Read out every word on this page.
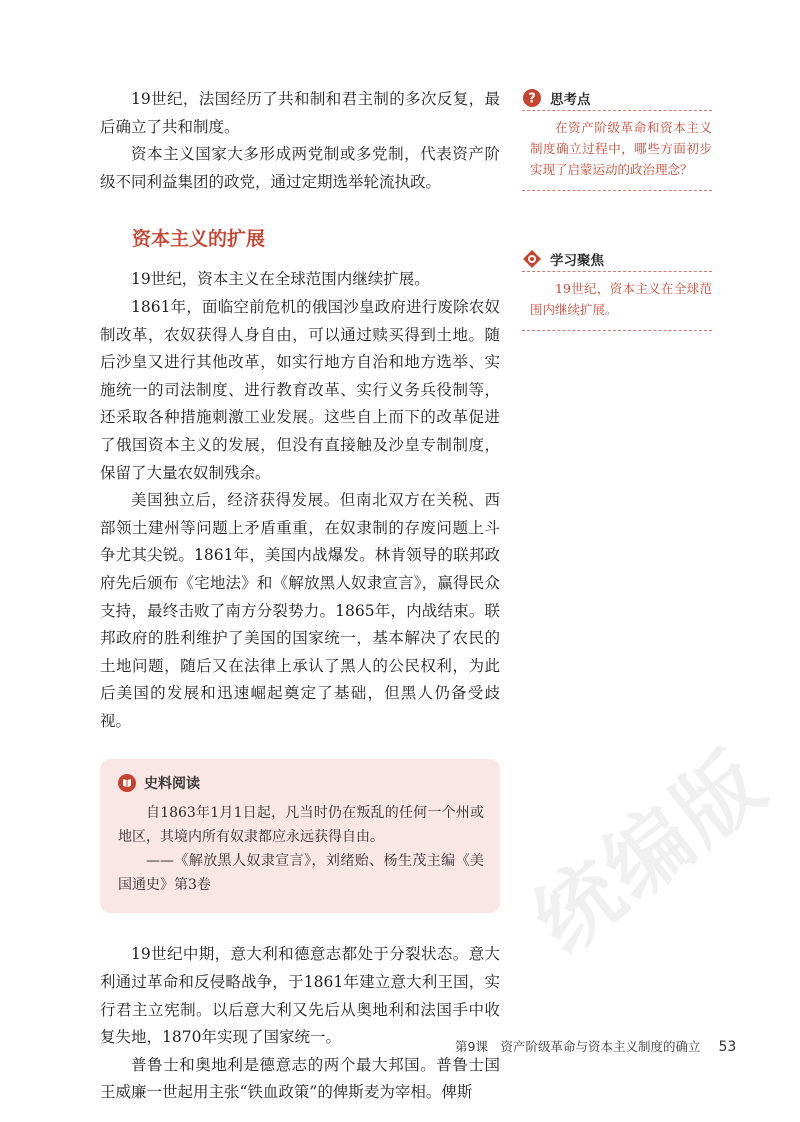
统编版

19世纪，法国经历了共和制和君主制的多次反复，最后确立了共和制度。

资本主义国家大多形成两党制或多党制，代表资产阶级不同利益集团的政党，通过定期选举轮流执政。

资本主义的扩展

19世纪，资本主义在全球范围内继续扩展。

1861年，面临空前危机的俄国沙皇政府进行废除农奴制改革，农奴获得人身自由，可以通过赎买得到土地。随后沙皇又进行其他改革，如实行地方自治和地方选举、实施统一的司法制度、进行教育改革、实行义务兵役制等，还采取各种措施刺激工业发展。这些自上而下的改革促进了俄国资本主义的发展，但没有直接触及沙皇专制制度，保留了大量农奴制残余。

美国独立后，经济获得发展。但南北双方在关税、西部领土建州等问题上矛盾重重，在奴隶制的存废问题上斗争尤其尖锐。1861年，美国内战爆发。林肯领导的联邦政府先后颁布《宅地法》和《解放黑人奴隶宣言》，赢得民众支持，最终击败了南方分裂势力。1865年，内战结束。联邦政府的胜利维护了美国的国家统一，基本解决了农民的土地问题，随后又在法律上承认了黑人的公民权利，为此后美国的发展和迅速崛起奠定了基础，但黑人仍备受歧视。

史料阅读

自1863年1月1日起，凡当时仍在叛乱的任何一个州或地区，其境内所有奴隶都应永远获得自由。

——《解放黑人奴隶宣言》，刘绪贻、杨生茂主编《美国通史》第3卷

19世纪中期，意大利和德意志都处于分裂状态。意大利通过革命和反侵略战争，于1861年建立意大利王国，实行君主立宪制。以后意大利又先后从奥地利和法国手中收复失地，1870年实现了国家统一。

普鲁士和奥地利是德意志的两个最大邦国。普鲁士国王威廉一世起用主张“铁血政策”的俾斯麦为宰相。俾斯

? 思考点
在资产阶级革命和资本主义制度确立过程中，哪些方面初步实现了启蒙运动的政治理念？
学习聚焦
19世纪，资本主义在全球范围内继续扩展。
第9课　资产阶级革命与资本主义制度的确立 53
